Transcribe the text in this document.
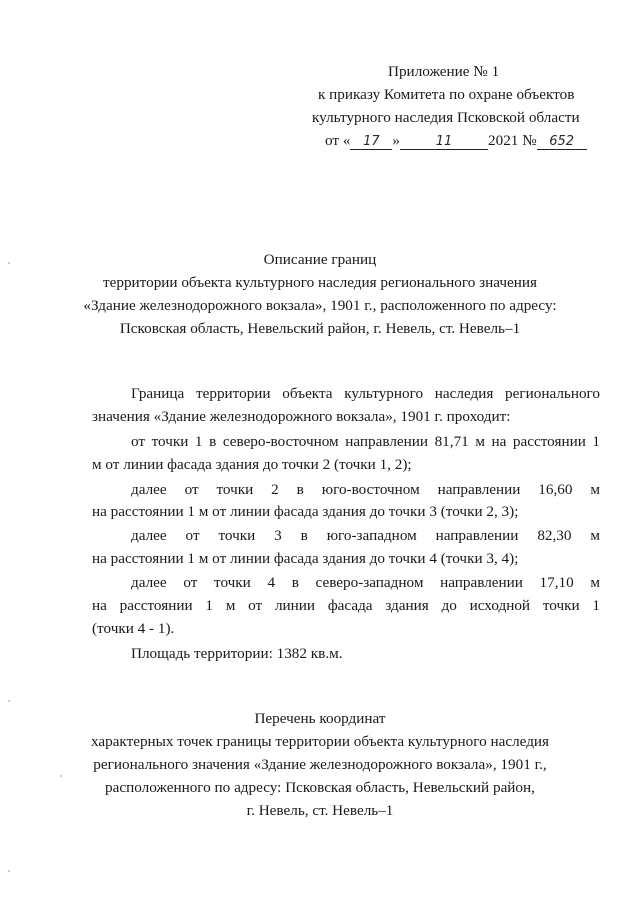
Приложение № 1
к приказу Комитета по охране объектов
культурного наследия Псковской области
от « 17 »	11 2021 № 652
Описание границ
территории объекта культурного наследия регионального значения
«Здание железнодорожного вокзала», 1901 г., расположенного по адресу:
Псковская область, Невельский район, г. Невель, ст. Невель–1
Граница территории объекта культурного наследия регионального
значения «Здание железнодорожного вокзала», 1901 г. проходит:
от точки 1 в северо-восточном направлении 81,71 м на расстоянии 1
м от линии фасада здания до точки 2 (точки 1, 2);
далее от точки 2 в юго-восточном направлении 16,60 м
на расстоянии 1 м от линии фасада здания до точки 3 (точки 2, 3);
далее от точки 3 в юго-западном направлении 82,30 м
на расстоянии 1 м от линии фасада здания до точки 4 (точки 3, 4);
далее от точки 4 в северо-западном направлении 17,10 м
на расстоянии 1 м от линии фасада здания до исходной точки 1
(точки 4 - 1).
Площадь территории: 1382 кв.м.
Перечень координат
характерных точек границы территории объекта культурного наследия
регионального значения «Здание железнодорожного вокзала», 1901 г.,
расположенного по адресу: Псковская область, Невельский район,
г. Невель, ст. Невель–1
